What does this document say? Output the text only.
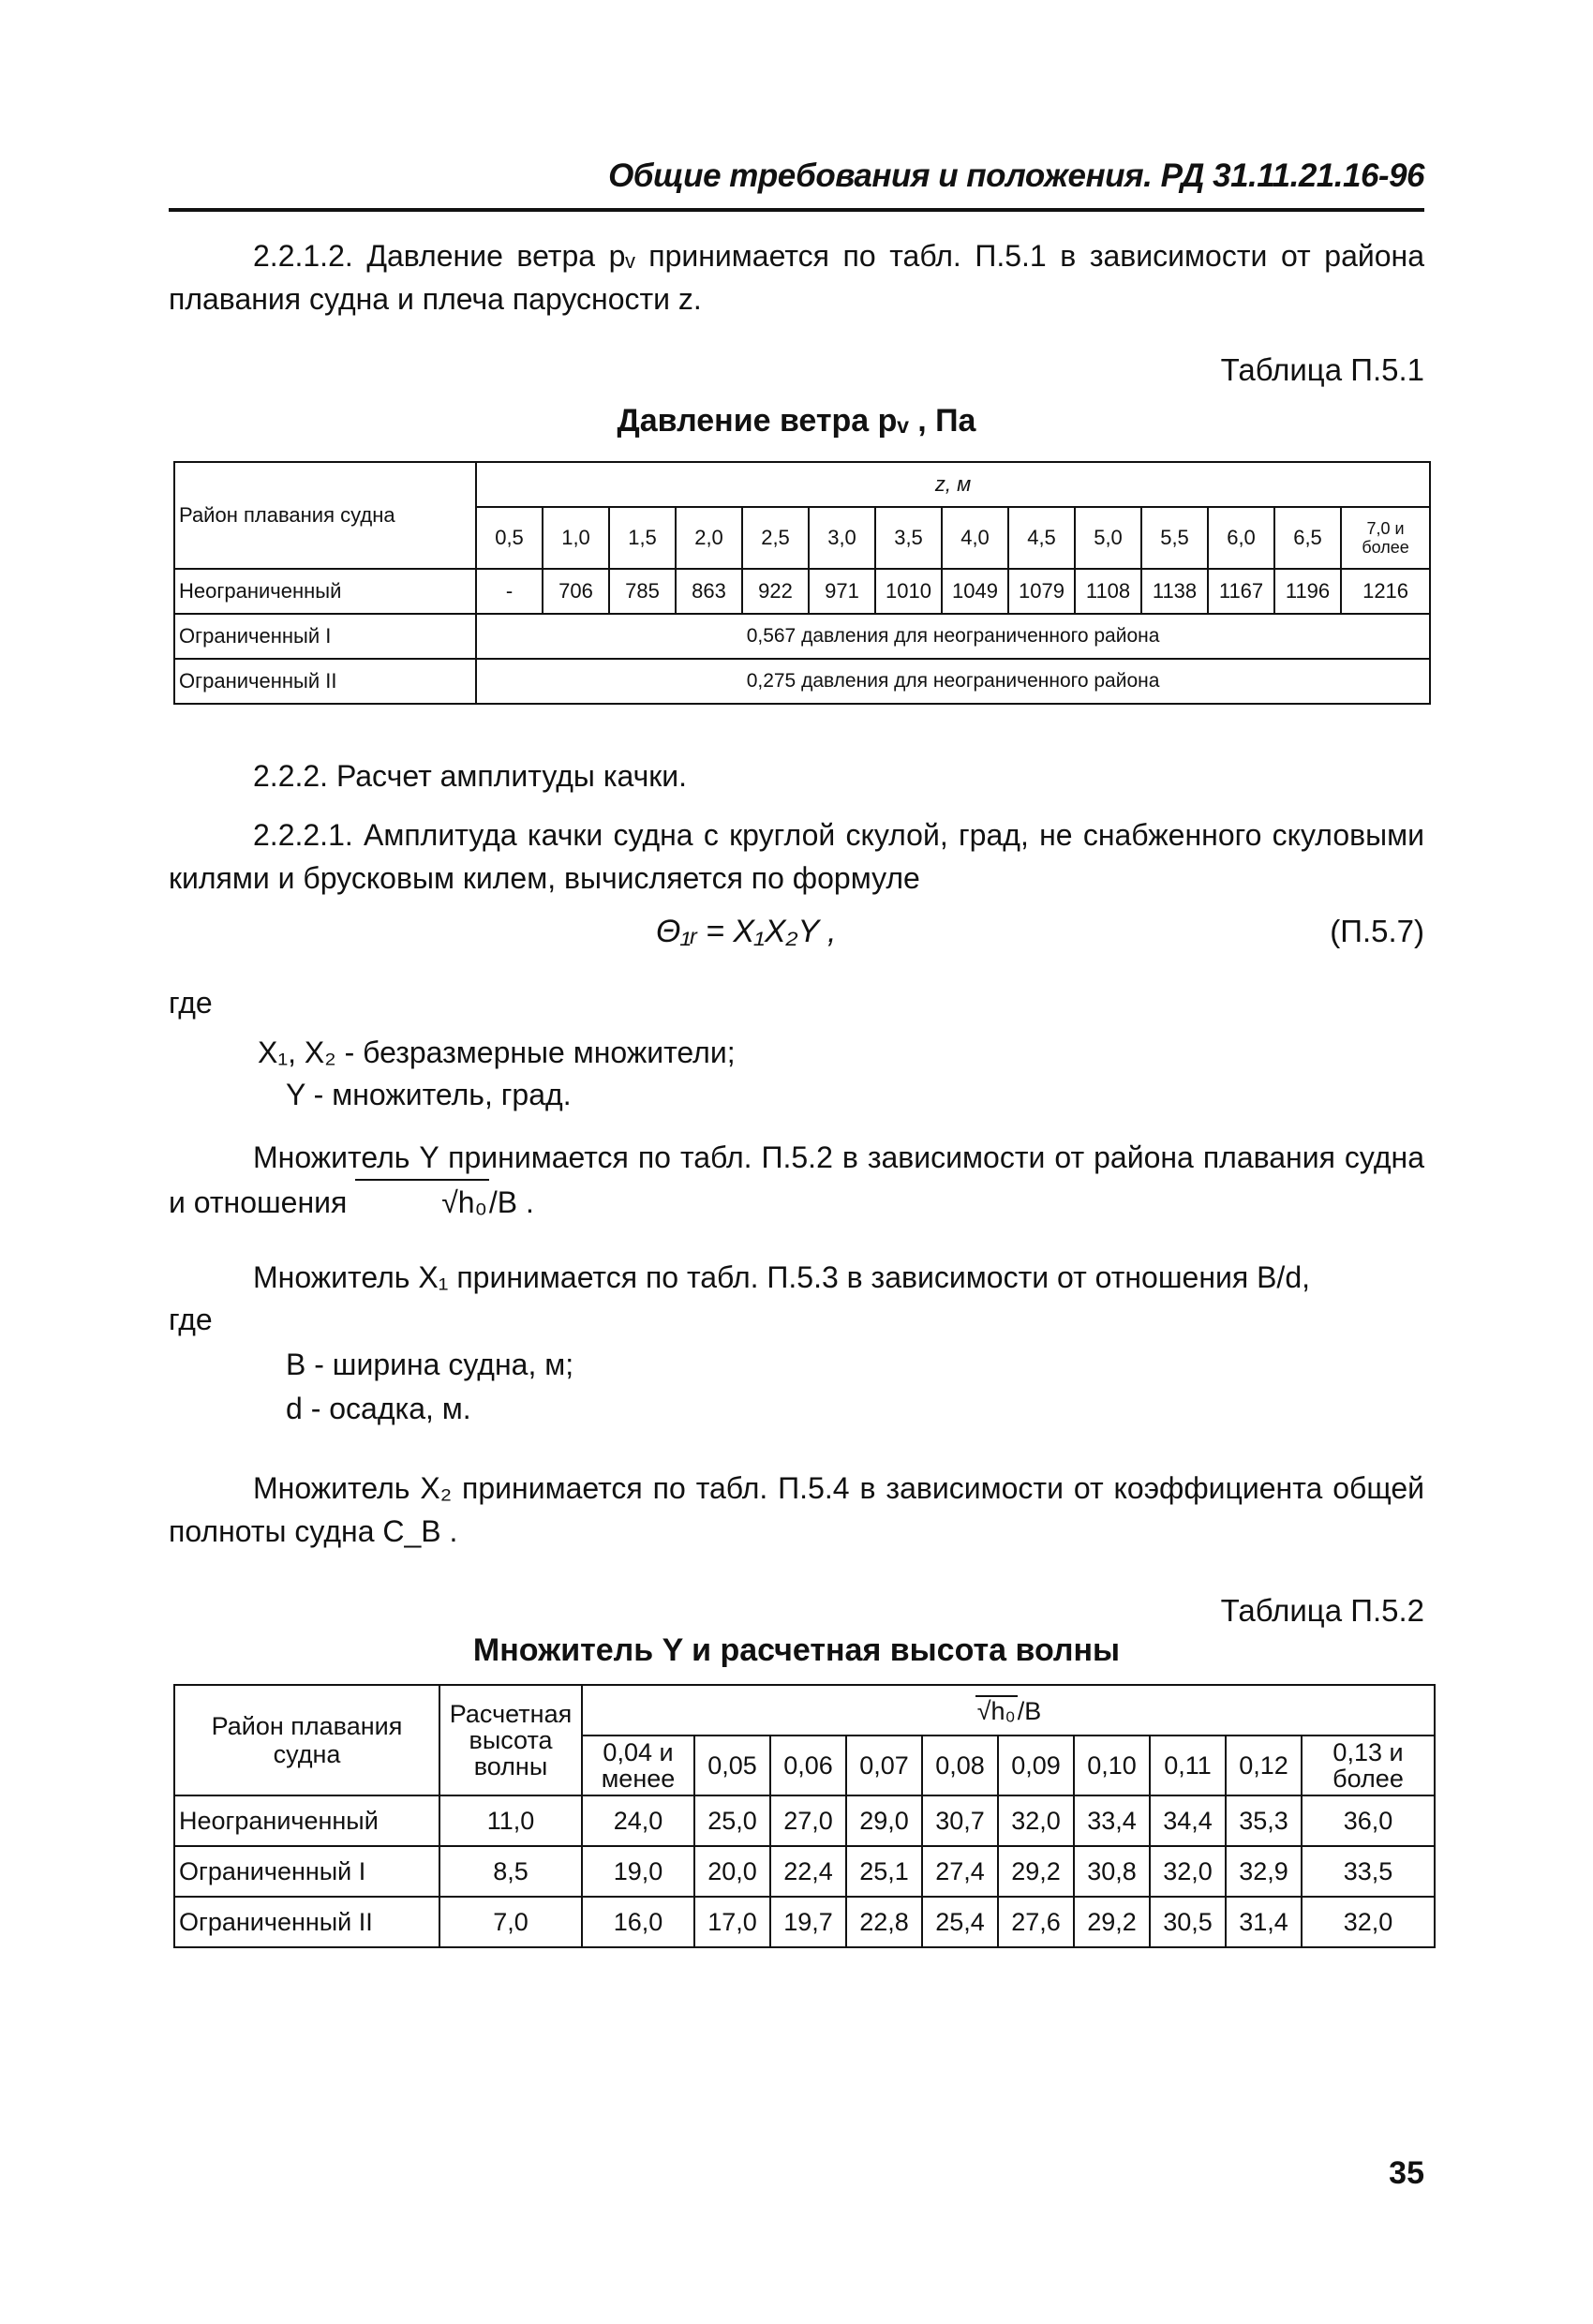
Общие требования и положения. РД 31.11.21.16-96
2.2.1.2. Давление ветра pᵥ принимается по табл. П.5.1 в зависимости от района плавания судна и плеча парусности z.
Таблица П.5.1
Давление ветра pᵥ , Па
Район плавания судна	z, м													
	0,5	1,0	1,5	2,0	2,5	3,0	3,5	4,0	4,5	5,0	5,5	6,0	6,5	7,0 и более
Неограниченный	-	706	785	863	922	971	1010	1049	1079	1108	1138	1167	1196	1216
Ограниченный I	0,567 давления для неограниченного района													
Ограниченный II	0,275 давления для неограниченного района													
2.2.2. Расчет амплитуды качки.
2.2.2.1. Амплитуда качки судна с круглой скулой, град, не снабженного скуловыми килями и брусковым килем, вычисляется по формуле
Θ₁ᵣ = X₁X₂Y ,	(П.5.7)
где
X₁, X₂ - безразмерные множители;
Y - множитель, град.
Множитель Y принимается по табл. П.5.2 в зависимости от района плавания судна и отношения	√h₀/B .
Множитель X₁ принимается по табл. П.5.3 в зависимости от отношения B/d,
где
B - ширина судна, м;
d - осадка, м.
Множитель X₂ принимается по табл. П.5.4 в зависимости от коэффициента общей полноты судна C_B .
Таблица П.5.2
Множитель Y и расчетная высота волны
Район плавания судна	Расчетная высота волны	√h₀/B									
		0,04 и менее	0,05	0,06	0,07	0,08	0,09	0,10	0,11	0,12	0,13 и более
Неограниченный	11,0	24,0	25,0	27,0	29,0	30,7	32,0	33,4	34,4	35,3	36,0
Ограниченный I	8,5	19,0	20,0	22,4	25,1	27,4	29,2	30,8	32,0	32,9	33,5
Ограниченный II	7,0	16,0	17,0	19,7	22,8	25,4	27,6	29,2	30,5	31,4	32,0
35
